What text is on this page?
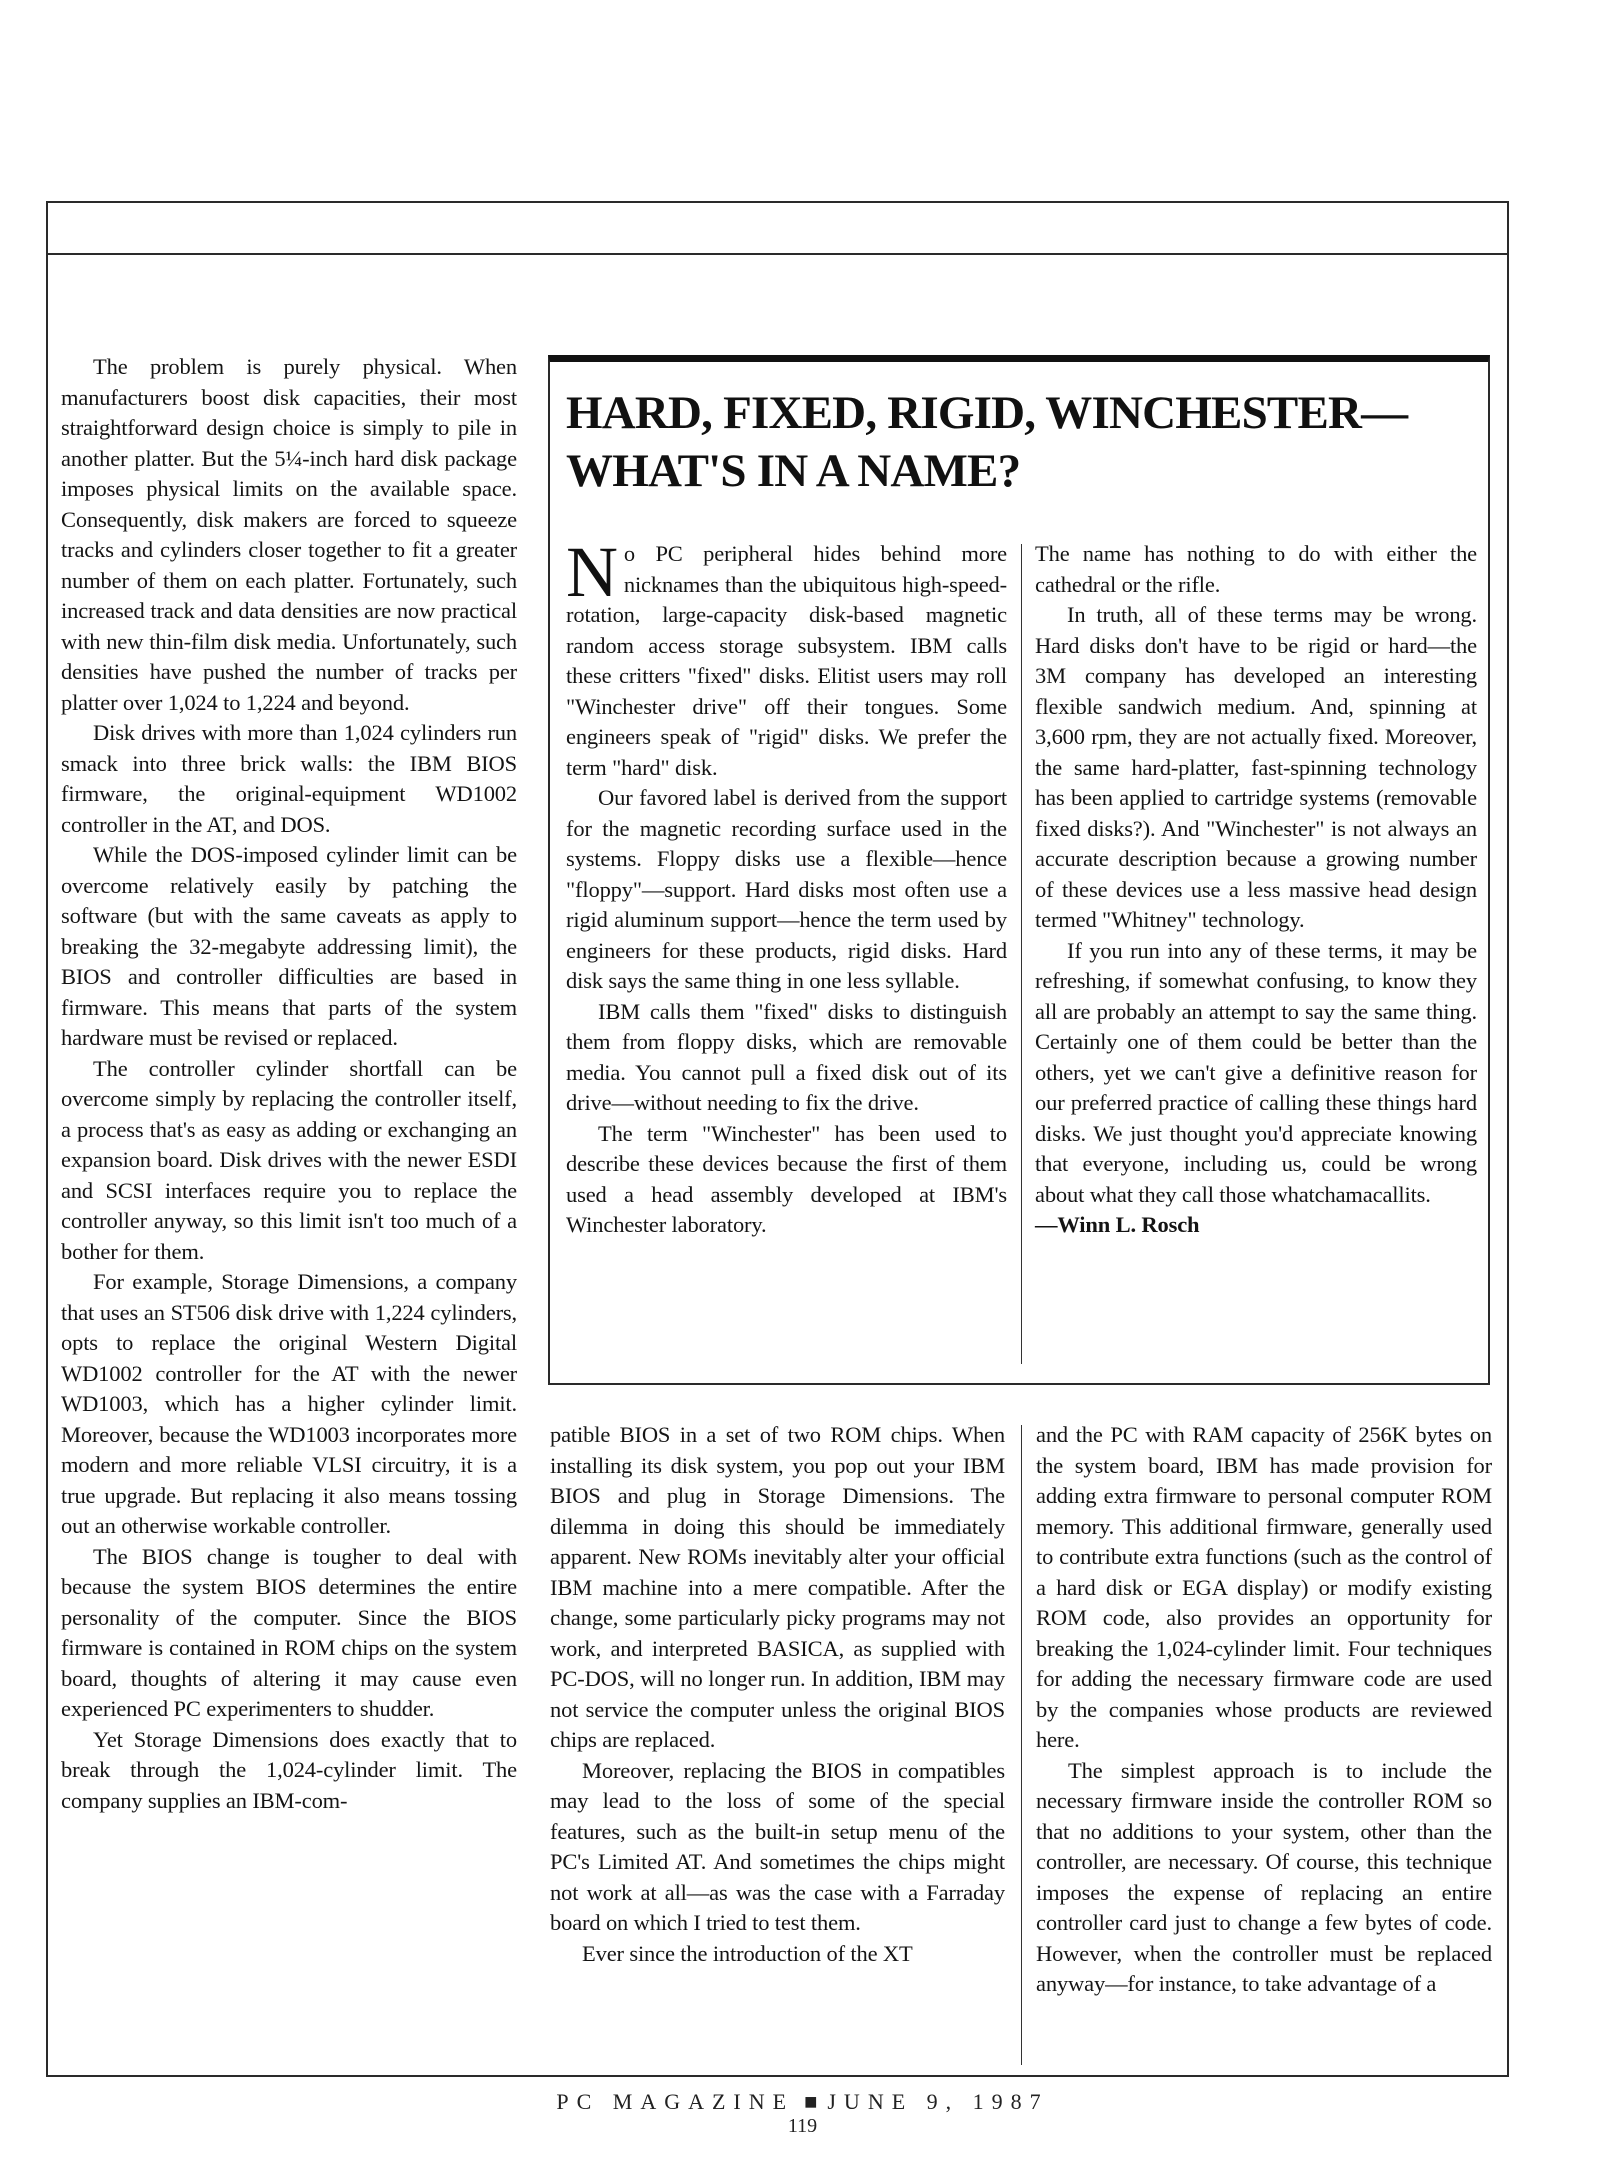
The problem is purely physical. When manufacturers boost disk capacities, their most straightforward design choice is simply to pile in another platter. But the 5¼-inch hard disk package imposes physical limits on the available space. Consequently, disk makers are forced to squeeze tracks and cylinders closer together to fit a greater number of them on each platter. Fortunately, such increased track and data densities are now practical with new thin-film disk media. Unfortunately, such densities have pushed the number of tracks per platter over 1,024 to 1,224 and beyond.

Disk drives with more than 1,024 cylinders run smack into three brick walls: the IBM BIOS firmware, the original-equipment WD1002 controller in the AT, and DOS.

While the DOS-imposed cylinder limit can be overcome relatively easily by patching the software (but with the same caveats as apply to breaking the 32-megabyte addressing limit), the BIOS and controller difficulties are based in firmware. This means that parts of the system hardware must be revised or replaced.

The controller cylinder shortfall can be overcome simply by replacing the controller itself, a process that's as easy as adding or exchanging an expansion board. Disk drives with the newer ESDI and SCSI interfaces require you to replace the controller anyway, so this limit isn't too much of a bother for them.

For example, Storage Dimensions, a company that uses an ST506 disk drive with 1,224 cylinders, opts to replace the original Western Digital WD1002 controller for the AT with the newer WD1003, which has a higher cylinder limit. Moreover, because the WD1003 incorporates more modern and more reliable VLSI circuitry, it is a true upgrade. But replacing it also means tossing out an otherwise workable controller.

The BIOS change is tougher to deal with because the system BIOS determines the entire personality of the computer. Since the BIOS firmware is contained in ROM chips on the system board, thoughts of altering it may cause even experienced PC experimenters to shudder.

Yet Storage Dimensions does exactly that to break through the 1,024-cylinder limit. The company supplies an IBM-com-

HARD, FIXED, RIGID, WINCHESTER—
WHAT'S IN A NAME?

No PC peripheral hides behind more nicknames than the ubiquitous high-speed-rotation, large-capacity disk-based magnetic random access storage subsystem. IBM calls these critters "fixed" disks. Elitist users may roll "Winchester drive" off their tongues. Some engineers speak of "rigid" disks. We prefer the term "hard" disk.

Our favored label is derived from the support for the magnetic recording surface used in the systems. Floppy disks use a flexible—hence "floppy"—support. Hard disks most often use a rigid aluminum support—hence the term used by engineers for these products, rigid disks. Hard disk says the same thing in one less syllable.

IBM calls them "fixed" disks to distinguish them from floppy disks, which are removable media. You cannot pull a fixed disk out of its drive—without needing to fix the drive.

The term "Winchester" has been used to describe these devices because the first of them used a head assembly developed at IBM's Winchester laboratory.

The name has nothing to do with either the cathedral or the rifle.

In truth, all of these terms may be wrong. Hard disks don't have to be rigid or hard—the 3M company has developed an interesting flexible sandwich medium. And, spinning at 3,600 rpm, they are not actually fixed. Moreover, the same hard-platter, fast-spinning technology has been applied to cartridge systems (removable fixed disks?). And "Winchester" is not always an accurate description because a growing number of these devices use a less massive head design termed "Whitney" technology.

If you run into any of these terms, it may be refreshing, if somewhat confusing, to know they all are probably an attempt to say the same thing. Certainly one of them could be better than the others, yet we can't give a definitive reason for our preferred practice of calling these things hard disks. We just thought you'd appreciate knowing that everyone, including us, could be wrong about what they call those whatchamacallits.

—Winn L. Rosch

patible BIOS in a set of two ROM chips. When installing its disk system, you pop out your IBM BIOS and plug in Storage Dimensions. The dilemma in doing this should be immediately apparent. New ROMs inevitably alter your official IBM machine into a mere compatible. After the change, some particularly picky programs may not work, and interpreted BASICA, as supplied with PC-DOS, will no longer run. In addition, IBM may not service the computer unless the original BIOS chips are replaced.

Moreover, replacing the BIOS in compatibles may lead to the loss of some of the special features, such as the built-in setup menu of the PC's Limited AT. And sometimes the chips might not work at all—as was the case with a Farraday board on which I tried to test them.

Ever since the introduction of the XT

and the PC with RAM capacity of 256K bytes on the system board, IBM has made provision for adding extra firmware to personal computer ROM memory. This additional firmware, generally used to contribute extra functions (such as the control of a hard disk or EGA display) or modify existing ROM code, also provides an opportunity for breaking the 1,024-cylinder limit. Four techniques for adding the necessary firmware code are used by the companies whose products are reviewed here.

The simplest approach is to include the necessary firmware inside the controller ROM so that no additions to your system, other than the controller, are necessary. Of course, this technique imposes the expense of replacing an entire controller card just to change a few bytes of code. However, when the controller must be replaced anyway—for instance, to take advantage of a

PC MAGAZINE ■ JUNE 9, 1987
119
